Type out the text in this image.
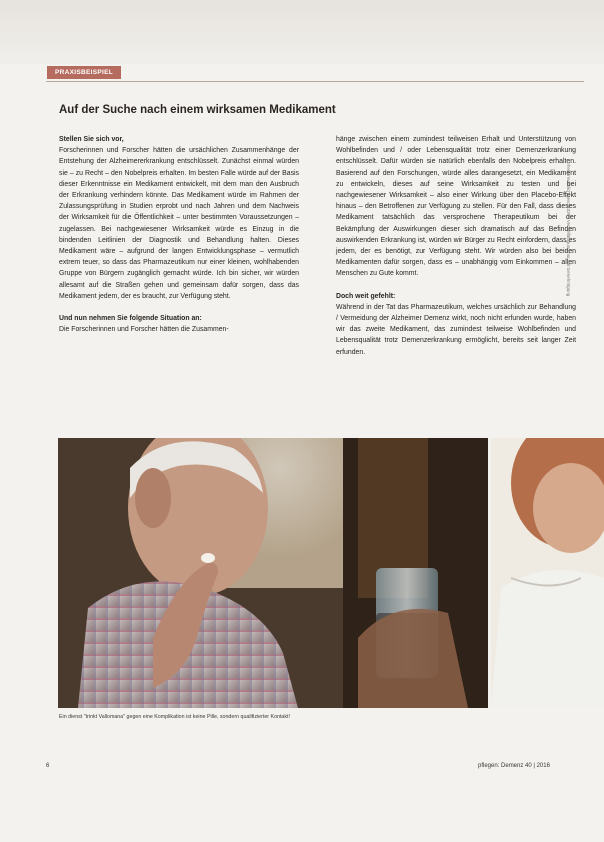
PRAXISBEISPIEL
Auf der Suche nach einem wirksamen Medikament
Stellen Sie sich vor,

Forscherinnen und Forscher hätten die ursächlichen Zusammenhänge der Entstehung der Alzheimererkrankung entschlüsselt. Zunächst einmal würden sie – zu Recht – den Nobelpreis erhalten. Im besten Falle würde auf der Basis dieser Erkenntnisse ein Medikament entwickelt, mit dem man den Ausbruch der Erkrankung verhindern könnte. Das Medikament würde im Rahmen der Zulassungsprüfung in Studien erprobt und nach Jahren und dem Nachweis der Wirksamkeit für die Öffentlichkeit – unter bestimmten Voraussetzungen – zugelassen. Bei nachgewiesener Wirksamkeit würde es Einzug in die bindenden Leitlinien der Diagnostik und Behandlung halten. Dieses Medikament wäre – aufgrund der langen Entwicklungsphase – vermutlich extrem teuer, so dass das Pharmazeutikum nur einer kleinen, wohlhabenden Gruppe von Bürgern zugänglich gemacht würde. Ich bin sicher, wir würden allesamt auf die Straßen gehen und gemeinsam dafür sorgen, dass das Medikament jedem, der es braucht, zur Verfügung steht.

Und nun nehmen Sie folgende Situation an:

Die Forscherinnen und Forscher hätten die Zusammen-

hänge zwischen einem zumindest teilweisen Erhalt und Unterstützung von Wohlbefinden und / oder Lebensqualität trotz einer Demenzerkrankung entschlüsselt. Dafür würden sie natürlich ebenfalls den Nobelpreis erhalten. Basierend auf den Forschungen, würde alles darangesetzt, ein Medikament zu entwickeln, dieses auf seine Wirksamkeit zu testen und bei nachgewiesener Wirksamkeit – also einer Wirkung über den Placebo-Effekt hinaus – den Betroffenen zur Verfügung zu stellen. Für den Fall, dass dieses Medikament tatsächlich das versprochene Therapeutikum bei der Bekämpfung der Auswirkungen dieser sich dramatisch auf das Befinden auswirkenden Erkrankung ist, würden wir Bürger zu Recht einfordern, dass es jedem, der es benötigt, zur Verfügung steht. Wir würden also bei beiden Medikamenten dafür sorgen, dass es – unabhängig vom Einkommen – allen Menschen zu Gute kommt.

Doch weit gefehlt:

Während in der Tat das Pharmazeutikum, welches ursächlich zur Behandlung / Vermeidung der Alzheimer Demenz wirkt, noch nicht erfunden wurde, haben wir das zweite Medikament, das zumindest teilweise Wohlbefinden und Lebensqualität trotz Demenzerkrankung ermöglicht, bereits seit langer Zeit erfunden.

Urheberrechtlich geschützt – Vervielfältigung nur mit Genehmigung
Ein dienst "trinkt Vallomana" gegen eine Komplikation ist keine Pille, sondern qualifizierter Kontakt!
6	pflegen: Demenz 40 | 2016
